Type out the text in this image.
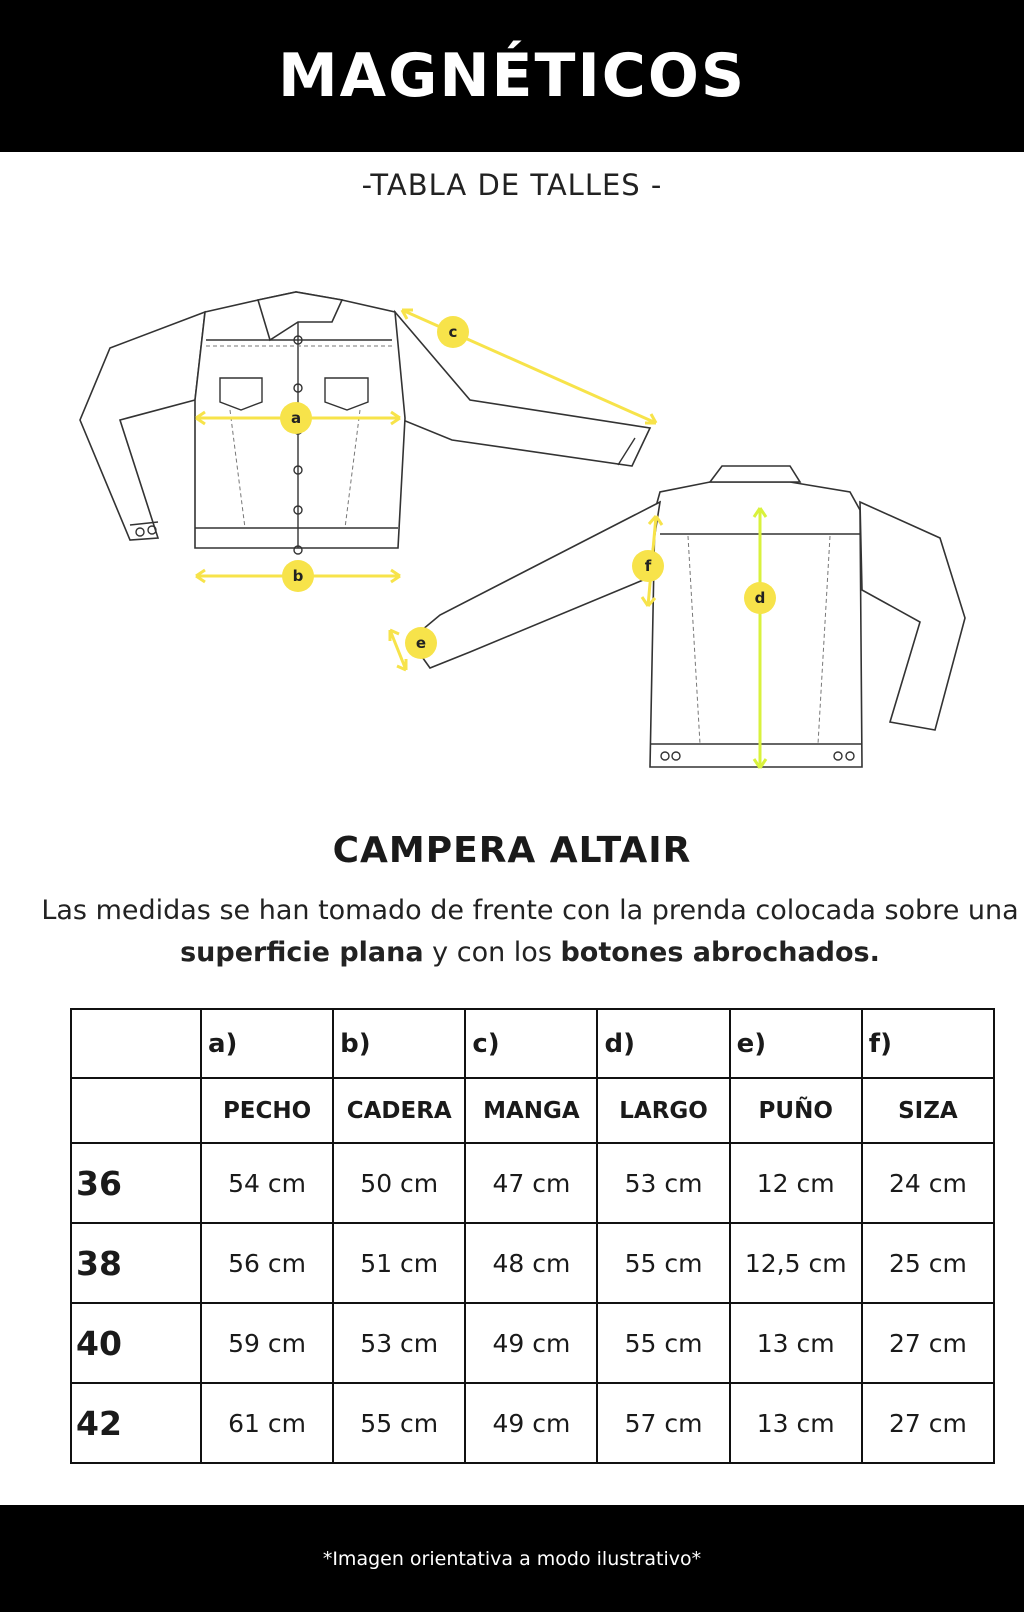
MAGNÉTICOS
-TABLA DE TALLES -
a
b
c
d
e
f
CAMPERA ALTAIR
Las medidas se han tomado de frente con la prenda colocada sobre una superficie plana y con los botones abrochados.
	a)	b)	c)	d)	e)	f)
	PECHO	CADERA	MANGA	LARGO	PUÑO	SIZA
36	54 cm	50 cm	47 cm	53 cm	12 cm	24 cm
38	56 cm	51 cm	48 cm	55 cm	12,5 cm	25 cm
40	59 cm	53 cm	49 cm	55 cm	13 cm	27 cm
42	61 cm	55 cm	49 cm	57 cm	13 cm	27 cm
*Imagen orientativa a modo ilustrativo*
